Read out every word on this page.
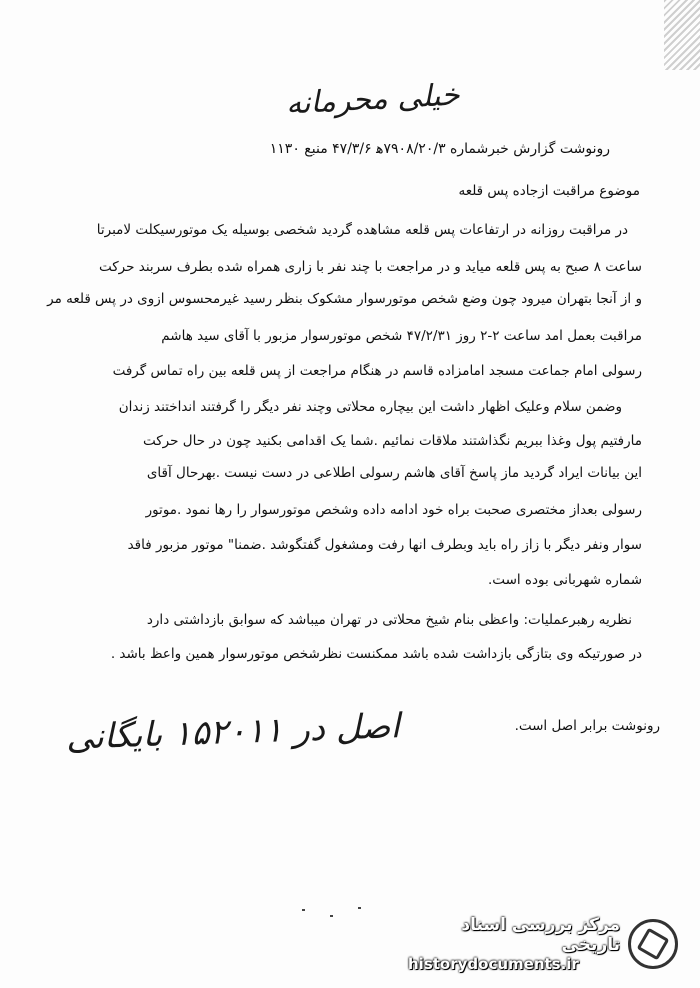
خیلی محرمانه
رونوشت گزارش خبرشماره ۷۹۰۸/۲۰/۳ه‍ ۴۷/۳/۶ منبع ۱۱۳۰
موضوع مراقبت ازجاده پس قلعه
در مراقبت روزانه در ارتفاعات پس قلعه مشاهده گردید شخصی بوسیله یک موتورسیکلت لامبرتا
ساعت ۸ صبح به پس قلعه میاید و در مراجعت با چند نفر با زاری همراه شده بطرف سربند حرکت
و از آنجا بتهران میرود چون وضع شخص موتورسوار مشکوک بنظر رسید غیرمحسوس ازوی در پس قلعه مر
مراقبت بعمل امد ساعت ۲-۲ روز ۴۷/۲/۳۱ شخص موتورسوار مزبور با آقای سید هاشم
رسولی امام جماعت مسجد امامزاده قاسم در هنگام مراجعت از پس قلعه بین راه تماس گرفت
وضمن سلام وعلیک اظهار داشت این بیچاره محلاتی وچند نفر دیگر را گرفتند انداختند زندان
مارفتیم پول وغذا ببریم نگذاشتند ملاقات نمائیم .شما یک اقدامی بکنید چون در حال حرکت
این بیانات ایراد گردید ماز پاسخ آقای هاشم رسولی اطلاعی در دست نیست .بهرحال آقای
رسولی بعداز مختصری صحبت براه خود ادامه داده وشخص موتورسوار را رها نمود .موتور
سوار ونفر دیگر با زاز راه باید وبطرف انها رفت ومشغول گفتگوشد .ضمنا" موتور مزبور فاقد
شماره شهربانی بوده است.
نظریه رهبرعملیات: واعظی بنام شیخ محلاتی در تهران میباشد که سوابق بازداشتی دارد
در صورتیکه وی بتازگی بازداشت شده باشد ممکنست نظرشخص موتورسوار همین واعظ باشد .
رونوشت برابر اصل است.
اصل در ۱۵۲۰۱۱ بایگانی
مرکز بررسی اسناد تاریخی
historydocuments.ir
